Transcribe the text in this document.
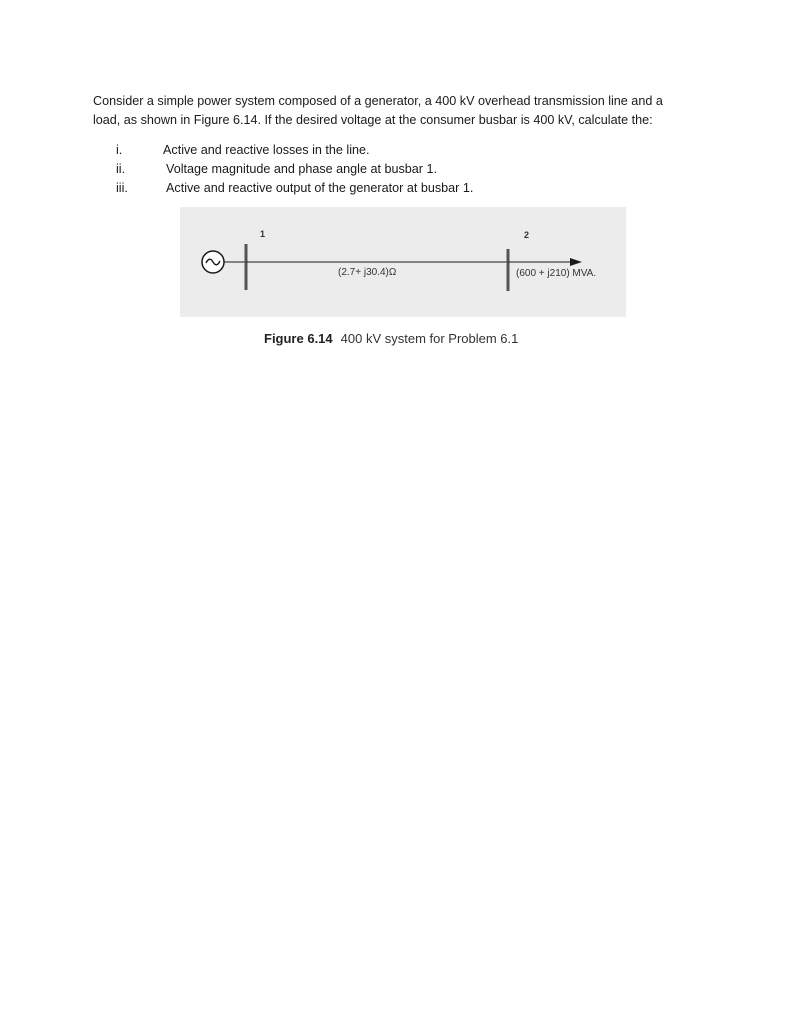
Consider a simple power system composed of a generator, a 400 kV overhead transmission line and a load, as shown in Figure 6.14. If the desired voltage at the consumer busbar is 400 kV, calculate the:

i.	Active and reactive losses in the line.
ii.	Voltage magnitude and phase angle at busbar 1.
iii.	Active and reactive output of the generator at busbar 1.
1	2
(2.7+ j30.4)Ω	(600 + j210) MVA.
Figure 6.14 400 kV system for Problem 6.1
